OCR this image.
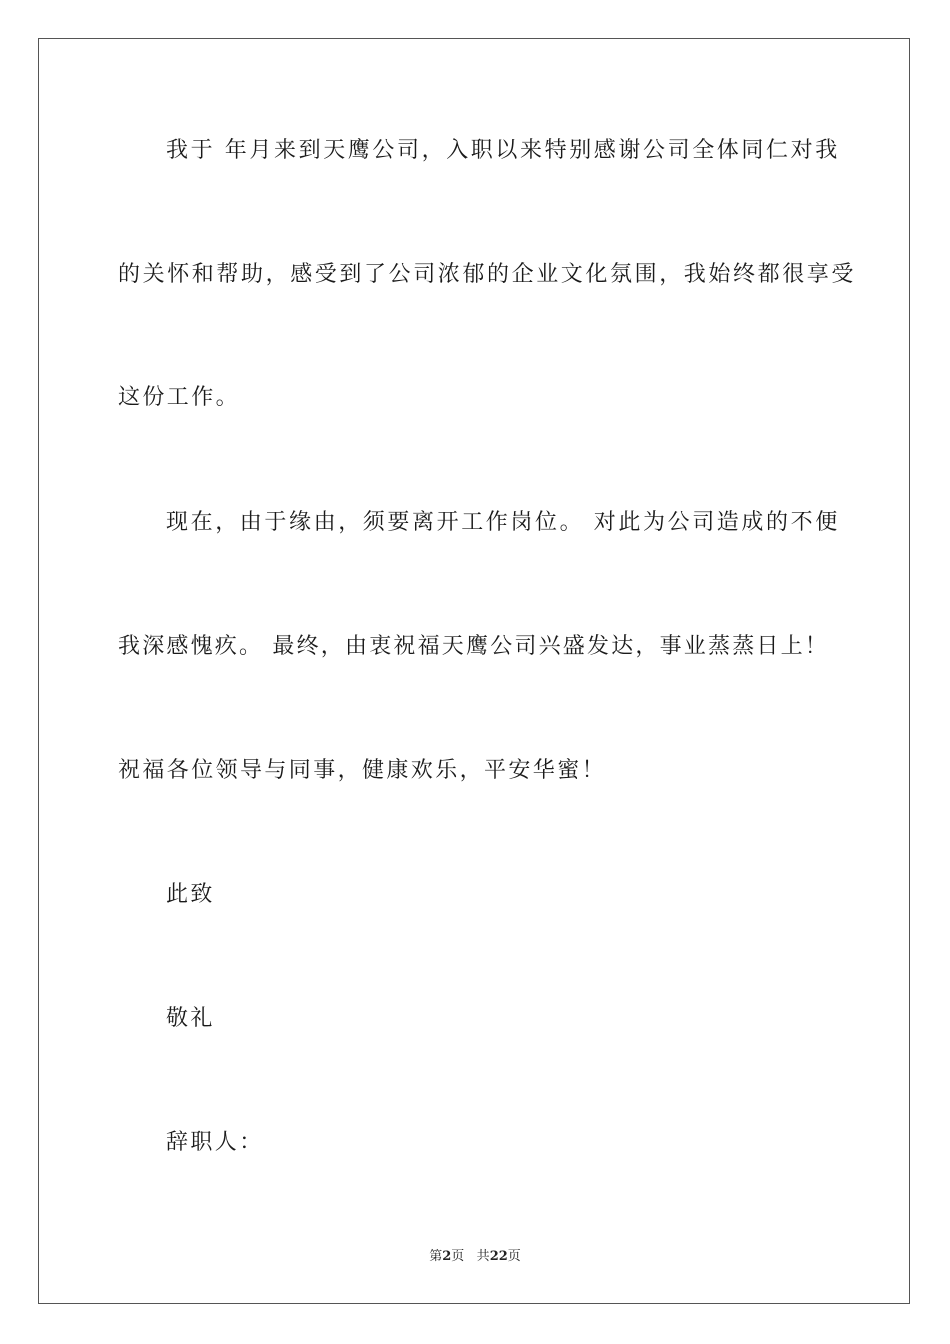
我于 年月来到天鹰公司，入职以来特别感谢公司全体同仁对我
的关怀和帮助，感受到了公司浓郁的企业文化氛围，我始终都很享受
这份工作。
现在，由于缘由，须要离开工作岗位。 对此为公司造成的不便
我深感愧疚。 最终，由衷祝福天鹰公司兴盛发达，事业蒸蒸日上！
祝福各位领导与同事，健康欢乐，平安华蜜！
此致
敬礼
辞职人：
第2页 共22页
